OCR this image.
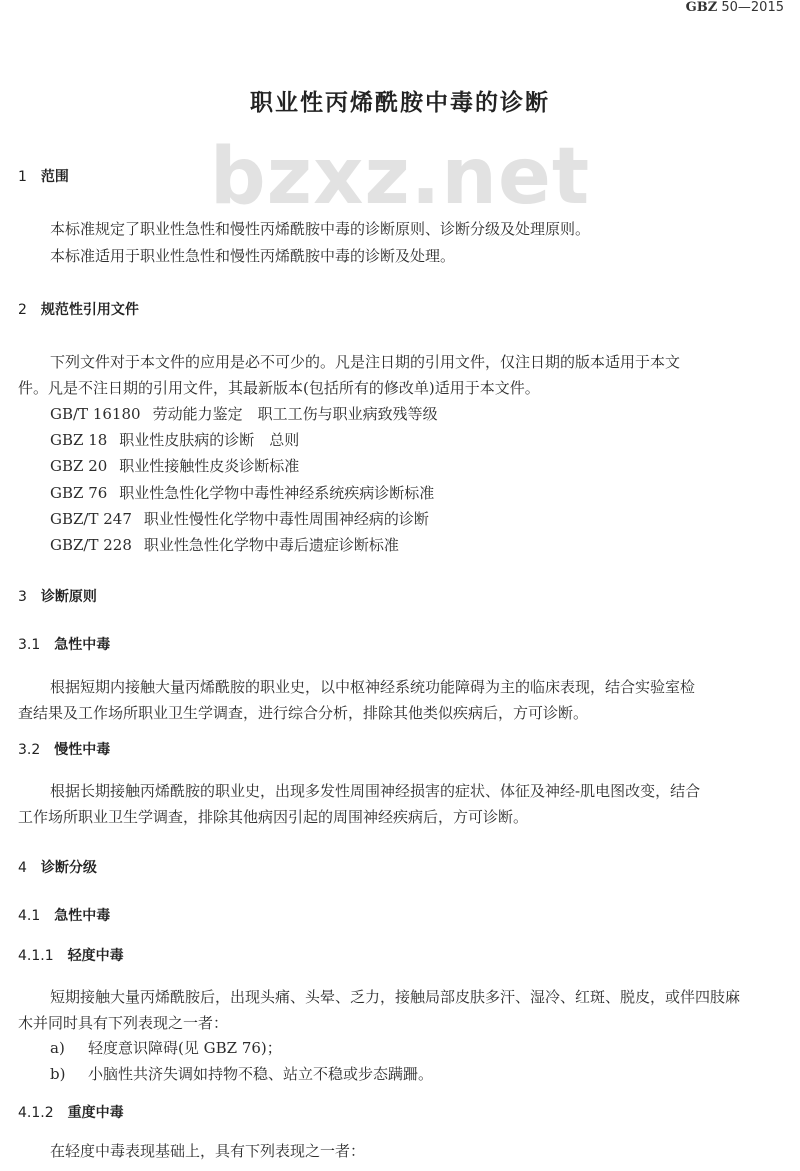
GBZ 50—2015
职业性丙烯酰胺中毒的诊断
bzxz.net
1 范围
本标准规定了职业性急性和慢性丙烯酰胺中毒的诊断原则、诊断分级及处理原则。
本标准适用于职业性急性和慢性丙烯酰胺中毒的诊断及处理。
2 规范性引用文件
下列文件对于本文件的应用是必不可少的。凡是注日期的引用文件，仅注日期的版本适用于本文
件。凡是不注日期的引用文件，其最新版本(包括所有的修改单)适用于本文件。
GB/T 16180 劳动能力鉴定　职工工伤与职业病致残等级
GBZ 18 职业性皮肤病的诊断　总则
GBZ 20 职业性接触性皮炎诊断标准
GBZ 76 职业性急性化学物中毒性神经系统疾病诊断标准
GBZ/T 247 职业性慢性化学物中毒性周围神经病的诊断
GBZ/T 228 职业性急性化学物中毒后遗症诊断标准
3 诊断原则
3.1 急性中毒
根据短期内接触大量丙烯酰胺的职业史，以中枢神经系统功能障碍为主的临床表现，结合实验室检
查结果及工作场所职业卫生学调查，进行综合分析，排除其他类似疾病后，方可诊断。
3.2 慢性中毒
根据长期接触丙烯酰胺的职业史，出现多发性周围神经损害的症状、体征及神经-肌电图改变，结合
工作场所职业卫生学调查，排除其他病因引起的周围神经疾病后，方可诊断。
4 诊断分级
4.1 急性中毒
4.1.1 轻度中毒
短期接触大量丙烯酰胺后，出现头痛、头晕、乏力，接触局部皮肤多汗、湿冷、红斑、脱皮，或伴四肢麻
木并同时具有下列表现之一者：
a) 轻度意识障碍(见 GBZ 76)；
b) 小脑性共济失调如持物不稳、站立不稳或步态蹒跚。
4.1.2 重度中毒
在轻度中毒表现基础上，具有下列表现之一者：
